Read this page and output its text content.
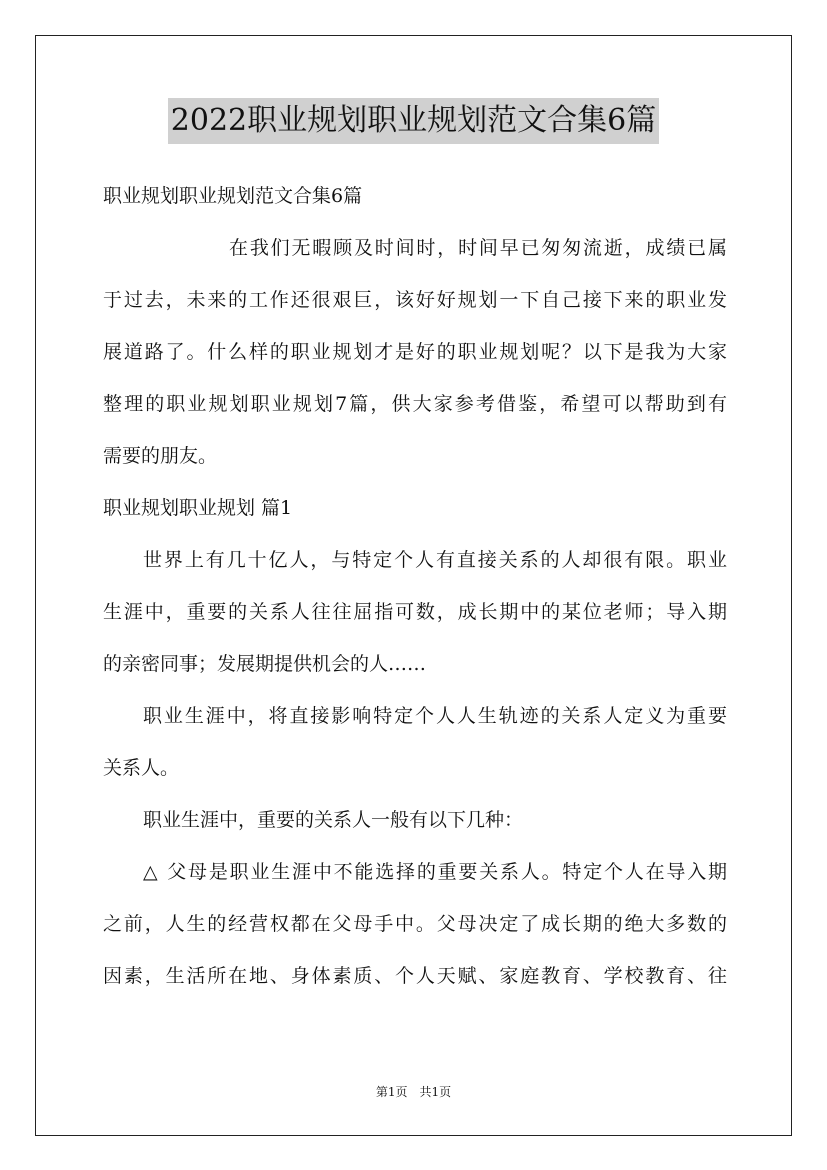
2022职业规划职业规划范文合集6篇
职业规划职业规划范文合集6篇
在我们无暇顾及时间时，时间早已匆匆流逝，成绩已属
于过去，未来的工作还很艰巨，该好好规划一下自己接下来的职业发
展道路了。什么样的职业规划才是好的职业规划呢？以下是我为大家
整理的职业规划职业规划7篇，供大家参考借鉴，希望可以帮助到有
需要的朋友。
职业规划职业规划 篇1
世界上有几十亿人，与特定个人有直接关系的人却很有限。职业
生涯中，重要的关系人往往屈指可数，成长期中的某位老师；导入期
的亲密同事；发展期提供机会的人……
职业生涯中，将直接影响特定个人人生轨迹的关系人定义为重要
关系人。
职业生涯中，重要的关系人一般有以下几种：
△ 父母是职业生涯中不能选择的重要关系人。特定个人在导入期
之前，人生的经营权都在父母手中。父母决定了成长期的绝大多数的
因素，生活所在地、身体素质、个人天赋、家庭教育、学校教育、往
第1页　共1页
